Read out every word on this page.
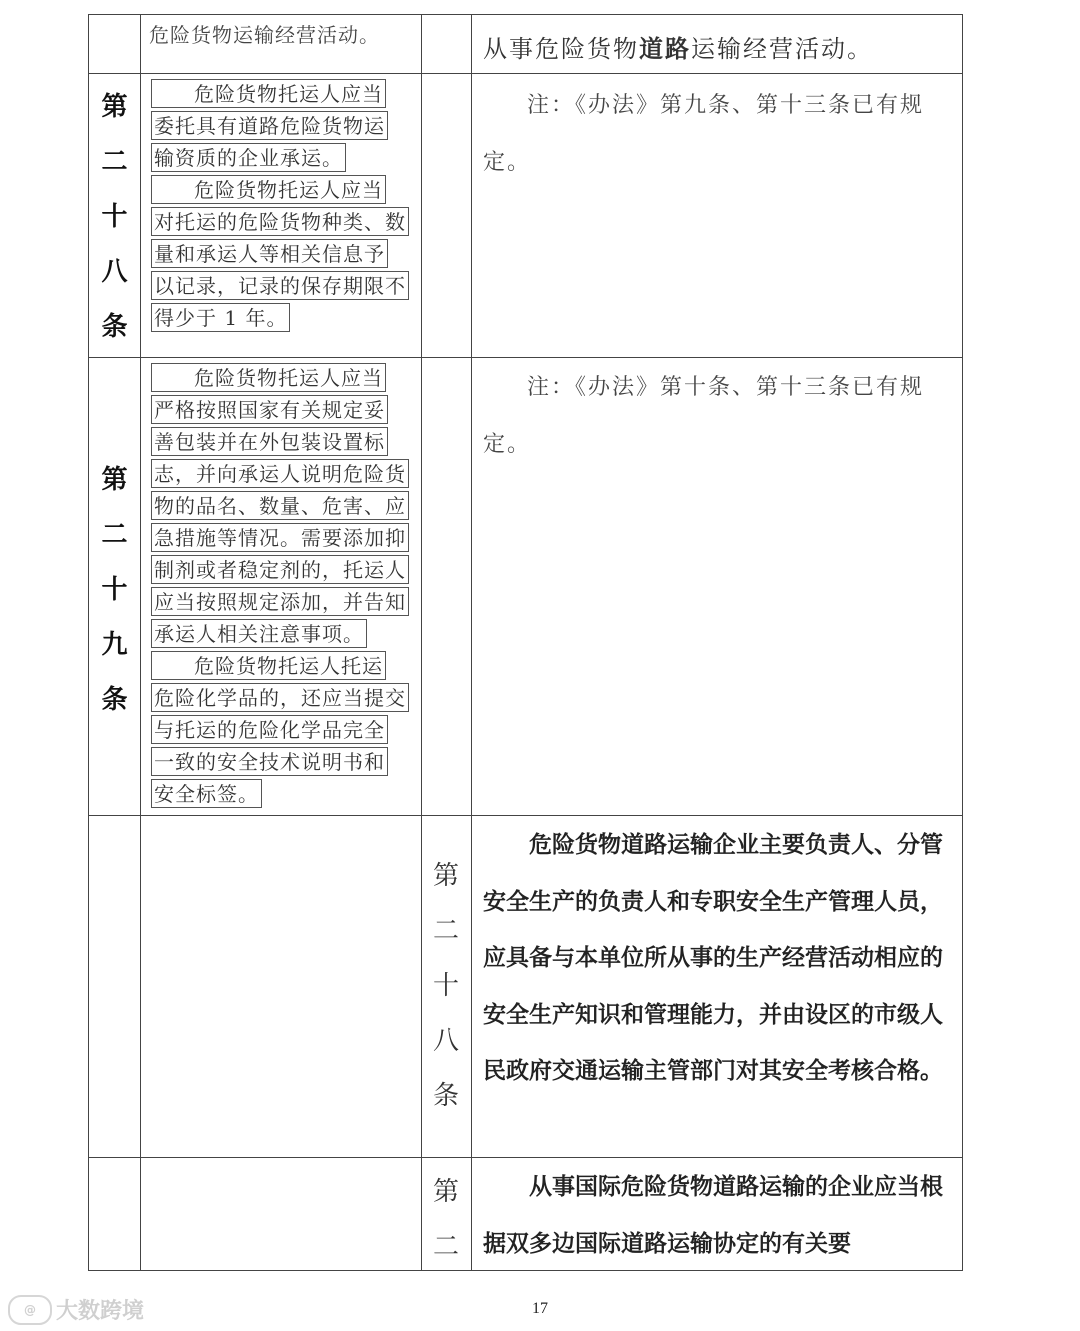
危险货物运输经营活动。	从事危险货物道路运输经营活动。
第
二
十
八
条
危险货物托运人应当
委托具有道路危险货物运
输资质的企业承运。
危险货物托运人应当
对托运的危险货物种类、数
量和承运人等相关信息予
以记录，记录的保存期限不
得少于 1 年。
注：《办法》第九条、第十三条已有规定。
第
二
十
九
条
危险货物托运人应当
严格按照国家有关规定妥
善包装并在外包装设置标
志，并向承运人说明危险货
物的品名、数量、危害、应
急措施等情况。需要添加抑
制剂或者稳定剂的，托运人
应当按照规定添加，并告知
承运人相关注意事项。
危险货物托运人托运
危险化学品的，还应当提交
与托运的危险化学品完全
一致的安全技术说明书和
安全标签。
注：《办法》第十条、第十三条已有规定。
第
二
十
八
条
危险货物道路运输企业主要负责人、分管安全生产的负责人和专职安全生产管理人员，应具备与本单位所从事的生产经营活动相应的安全生产知识和管理能力，并由设区的市级人民政府交通运输主管部门对其安全考核合格。
第
二
从事国际危险货物道路运输的企业应当根据双多边国际道路运输协定的有关要
@ 大数跨境	17
